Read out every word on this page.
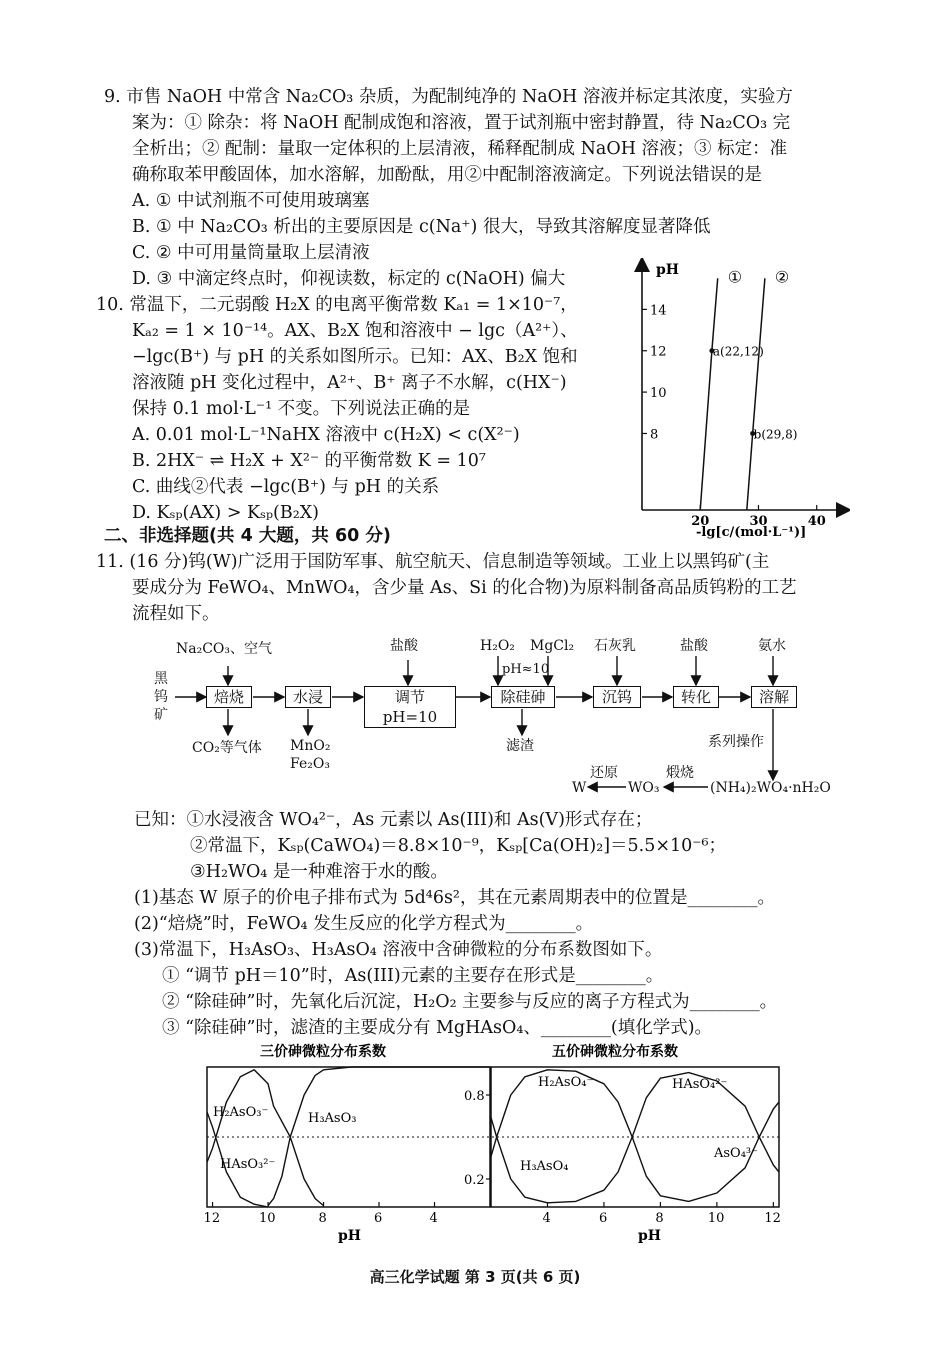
9. 市售 NaOH 中常含 Na₂CO₃ 杂质，为配制纯净的 NaOH 溶液并标定其浓度，实验方
案为：① 除杂：将 NaOH 配制成饱和溶液，置于试剂瓶中密封静置，待 Na₂CO₃ 完
全析出；② 配制：量取一定体积的上层清液，稀释配制成 NaOH 溶液；③ 标定：准
确称取苯甲酸固体，加水溶解，加酚酞，用②中配制溶液滴定。下列说法错误的是
A. ① 中试剂瓶不可使用玻璃塞
B. ① 中 Na₂CO₃ 析出的主要原因是 c(Na⁺) 很大，导致其溶解度显著降低
C. ② 中可用量筒量取上层清液
D. ③ 中滴定终点时，仰视读数，标定的 c(NaOH) 偏大
10. 常温下，二元弱酸 H₂X 的电离平衡常数 Kₐ₁ = 1×10⁻⁷，
Kₐ₂ = 1 × 10⁻¹⁴。AX、B₂X 饱和溶液中 − lgc（A²⁺）、
−lgc(B⁺) 与 pH 的关系如图所示。已知：AX、B₂X 饱和
溶液随 pH 变化过程中，A²⁺、B⁺ 离子不水解，c(HX⁻)
保持 0.1 mol·L⁻¹ 不变。下列说法正确的是
A. 0.01 mol·L⁻¹NaHX 溶液中 c(H₂X) < c(X²⁻)
B. 2HX⁻ ⇌ H₂X + X²⁻ 的平衡常数 K = 10⁷
C. 曲线②代表 −lgc(B⁺) 与 pH 的关系
D. Kₛₚ(AX) > Kₛₚ(B₂X)
pH
-lg[c/(mol·L⁻¹)]
8
10
12
14
20	30	40
① ②
a(22,12)
b(29,8)
二、非选择题(共 4 大题，共 60 分)
11. (16 分)钨(W)广泛用于国防军事、航空航天、信息制造等领域。工业上以黑钨矿(主
要成分为 FeWO₄、MnWO₄，含少量 As、Si 的化合物)为原料制备高品质钨粉的工艺
流程如下。
黑钨矿
焙烧	水浸	调节pH=10
除硅砷	沉钨	转化	溶解
Na₂CO₃、空气	盐酸	H₂O₂ MgCl₂
pH≈10
石灰乳	盐酸	氨水
CO₂等气体 MnO₂
Fe₂O₃
滤渣	系列操作
(NH₄)₂WO₄·nH₂O
煅烧
WO₃
还原
W
已知：①水浸液含 WO₄²⁻，As 元素以 As(III)和 As(V)形式存在；
②常温下，Kₛₚ(CaWO₄)＝8.8×10⁻⁹，Kₛₚ[Ca(OH)₂]＝5.5×10⁻⁶；
③H₂WO₄ 是一种难溶于水的酸。
(1)基态 W 原子的价电子排布式为 5d⁴6s²，其在元素周期表中的位置是________。
(2)“焙烧”时，FeWO₄ 发生反应的化学方程式为________。
(3)常温下，H₃AsO₃、H₃AsO₄ 溶液中含砷微粒的分布系数图如下。
① “调节 pH＝10”时，As(III)元素的主要存在形式是________。
② “除硅砷”时，先氧化后沉淀，H₂O₂ 主要参与反应的离子方程式为________。
③ “除硅砷”时，滤渣的主要成分有 MgHAsO₄、________(填化学式)。
三价砷微粒分布系数	五价砷微粒分布系数
12	10	8	6	4	4	6	8	10	12
0.2
0.8
H₂AsO₃⁻
HAsO₃²⁻
H₃AsO₃
H₂AsO₄⁻	HAsO₄²⁻
H₃AsO₄
AsO₄³⁻
pH	pH
高三化学试题 第 3 页(共 6 页)
